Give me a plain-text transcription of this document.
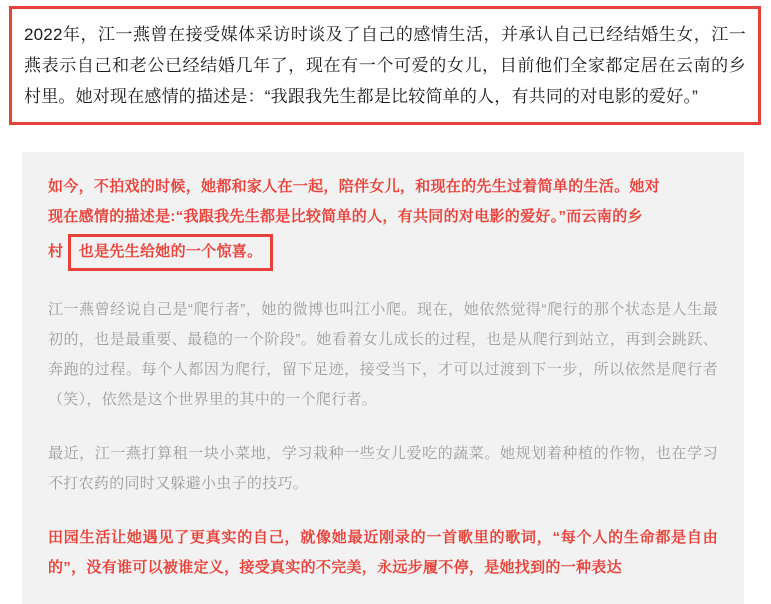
2022年，江一燕曾在接受媒体采访时谈及了自己的感情生活，并承认自己已经结婚生女，江一燕表示自己和老公已经结婚几年了，现在有一个可爱的女儿，目前他们全家都定居在云南的乡村里。她对现在感情的描述是：“我跟我先生都是比较简单的人，有共同的对电影的爱好。”

如今，不拍戏的时候，她都和家人在一起，陪伴女儿，和现在的先生过着简单的生活。她对
现在感情的描述是:“我跟我先生都是比较简单的人，有共同的对电影的爱好。”而云南的乡
村 也是先生给她的一个惊喜。

江一燕曾经说自己是“爬行者”，她的微博也叫江小爬。现在，她依然觉得“爬行的那个状态是人生最初的，也是最重要、最稳的一个阶段”。她看着女儿成长的过程，也是从爬行到站立，再到会跳跃、奔跑的过程。每个人都因为爬行，留下足迹，接受当下，才可以过渡到下一步，所以依然是爬行者（笑），依然是这个世界里的其中的一个爬行者。

最近，江一燕打算租一块小菜地，学习栽种一些女儿爱吃的蔬菜。她规划着种植的作物，也在学习不打农药的同时又躲避小虫子的技巧。

田园生活让她遇见了更真实的自己，就像她最近刚录的一首歌里的歌词，“每个人的生命都是自由的”，没有谁可以被谁定义，接受真实的不完美，永远步履不停，是她找到的一种表达
